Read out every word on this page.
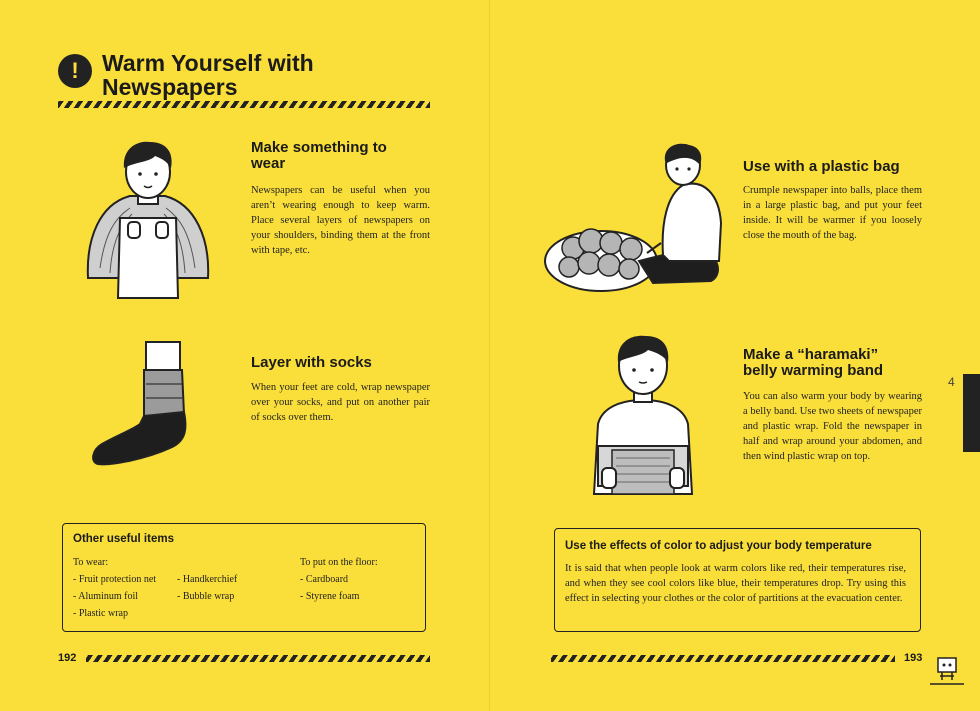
!	Warm Yourself with
Newspapers
Make something to
wear

Newspapers can be useful when you aren’t wearing enough to keep warm. Place several layers of newspapers on your shoulders, binding them at the front with tape, etc.

Layer with socks

When your feet are cold, wrap newspaper over your socks, and put on another pair of socks over them.

Other useful items
To wear:
- Fruit protection net
- Aluminum foil
- Plastic wrap
- Handkerchief
- Bubble wrap
To put on the floor:
- Cardboard
- Styrene foam
192
Use with a plastic bag

Crumple newspaper into balls, place them in a large plastic bag, and put your feet inside. It will be warmer if you loosely close the mouth of the bag.

Make a “haramaki”
belly warming band

You can also warm your body by wearing a belly band. Use two sheets of newspaper and plastic wrap. Fold the newspaper in half and wrap around your abdomen, and then wind plastic wrap on top.

4
Use the effects of color to adjust your body temperature

It is said that when people look at warm colors like red, their temperatures rise, and when they see cool colors like blue, their temperatures drop. Try using this effect in selecting your clothes or the color of partitions at the evacuation center.

193
